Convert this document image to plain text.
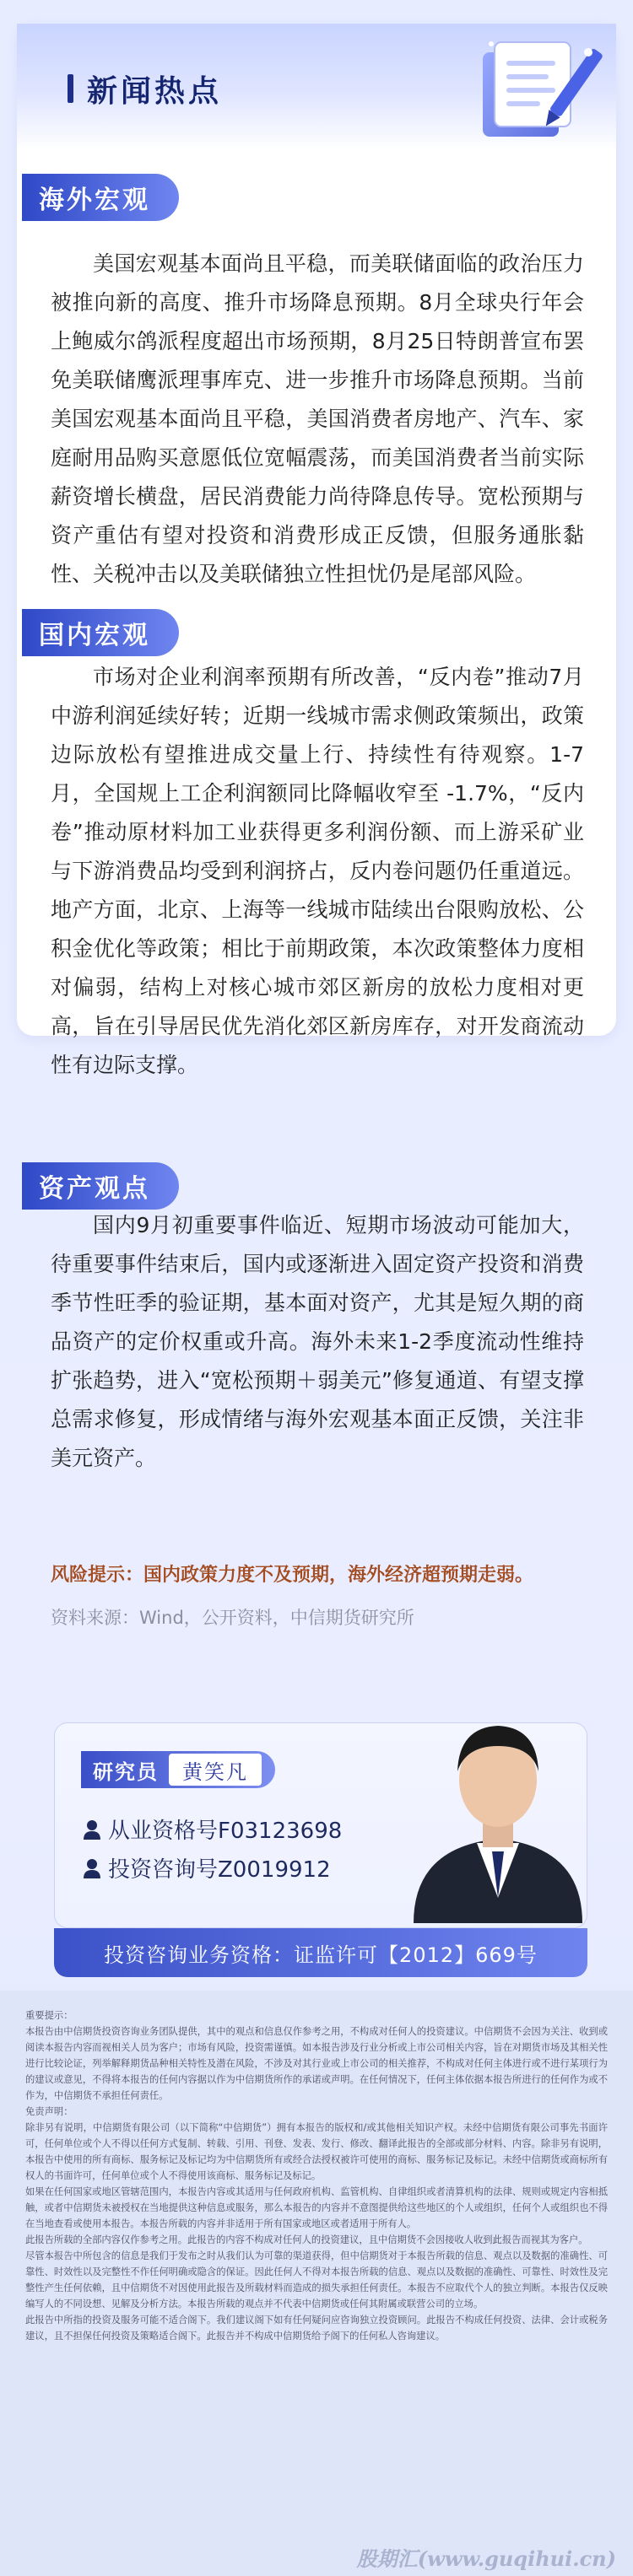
新闻热点
海外宏观

美国宏观基本面尚且平稳，而美联储面临的政治压力被推向新的高度、推升市场降息预期。8月全球央行年会上鲍威尔鸽派程度超出市场预期，8月25日特朗普宣布罢免美联储鹰派理事库克、进一步推升市场降息预期。当前美国宏观基本面尚且平稳，美国消费者房地产、汽车、家庭耐用品购买意愿低位宽幅震荡，而美国消费者当前实际薪资增长横盘，居民消费能力尚待降息传导。宽松预期与资产重估有望对投资和消费形成正反馈，但服务通胀黏性、关税冲击以及美联储独立性担忧仍是尾部风险。

国内宏观

市场对企业利润率预期有所改善，“反内卷”推动7月中游利润延续好转；近期一线城市需求侧政策频出，政策边际放松有望推进成交量上行、持续性有待观察。1-7月，全国规上工企利润额同比降幅收窄至 -1.7%，“反内卷”推动原材料加工业获得更多利润份额、而上游采矿业与下游消费品均受到利润挤占，反内卷问题仍任重道远。地产方面，北京、上海等一线城市陆续出台限购放松、公积金优化等政策；相比于前期政策，本次政策整体力度相对偏弱，结构上对核心城市郊区新房的放松力度相对更高，旨在引导居民优先消化郊区新房库存，对开发商流动性有边际支撑。

资产观点

国内9月初重要事件临近、短期市场波动可能加大，待重要事件结束后，国内或逐渐进入固定资产投资和消费季节性旺季的验证期，基本面对资产，尤其是短久期的商品资产的定价权重或升高。海外未来1-2季度流动性维持扩张趋势，进入“宽松预期＋弱美元”修复通道、有望支撑总需求修复，形成情绪与海外宏观基本面正反馈，关注非美元资产。

风险提示：国内政策力度不及预期，海外经济超预期走弱。
资料来源：Wind，公开资料，中信期货研究所
研究员	黄笑凡
从业资格号F03123698
投资咨询号Z0019912
投资咨询业务资格：证监许可【2012】669号

重要提示：

本报告由中信期货投资咨询业务团队提供，其中的观点和信息仅作参考之用，不构成对任何人的投资建议。中信期货不会因为关注、收到或阅读本报告内容而视相关人员为客户；市场有风险，投资需谨慎。如本报告涉及行业分析或上市公司相关内容，旨在对期货市场及其相关性进行比较论证，列举解释期货品种相关特性及潜在风险，不涉及对其行业或上市公司的相关推荐，不构成对任何主体进行或不进行某项行为的建议或意见，不得将本报告的任何内容据以作为中信期货所作的承诺或声明。在任何情况下，任何主体依据本报告所进行的任何作为或不作为，中信期货不承担任何责任。

免责声明：

除非另有说明，中信期货有限公司（以下简称“中信期货”）拥有本报告的版权和/或其他相关知识产权。未经中信期货有限公司事先书面许可，任何单位或个人不得以任何方式复制、转载、引用、刊登、发表、发行、修改、翻译此报告的全部或部分材料、内容。除非另有说明，本报告中使用的所有商标、服务标记及标记均为中信期货所有或经合法授权被许可使用的商标、服务标记及标记。未经中信期货或商标所有权人的书面许可，任何单位或个人不得使用该商标、服务标记及标记。

如果在任何国家或地区管辖范围内，本报告内容或其适用与任何政府机构、监管机构、自律组织或者清算机构的法律、规则或规定内容相抵触，或者中信期货未被授权在当地提供这种信息或服务，那么本报告的内容并不意图提供给这些地区的个人或组织，任何个人或组织也不得在当地查看或使用本报告。本报告所载的内容并非适用于所有国家或地区或者适用于所有人。

此报告所载的全部内容仅作参考之用。此报告的内容不构成对任何人的投资建议，且中信期货不会因接收人收到此报告而视其为客户。

尽管本报告中所包含的信息是我们于发布之时从我们认为可靠的渠道获得，但中信期货对于本报告所载的信息、观点以及数据的准确性、可靠性、时效性以及完整性不作任何明确或隐含的保证。因此任何人不得对本报告所载的信息、观点以及数据的准确性、可靠性、时效性及完整性产生任何依赖，且中信期货不对因使用此报告及所载材料而造成的损失承担任何责任。本报告不应取代个人的独立判断。本报告仅反映编写人的不同设想、见解及分析方法。本报告所载的观点并不代表中信期货或任何其附属或联营公司的立场。

此报告中所指的投资及服务可能不适合阁下。我们建议阁下如有任何疑问应咨询独立投资顾问。此报告不构成任何投资、法律、会计或税务建议，且不担保任何投资及策略适合阁下。此报告并不构成中信期货给予阁下的任何私人咨询建议。

股期汇(www.guqihui.cn)
